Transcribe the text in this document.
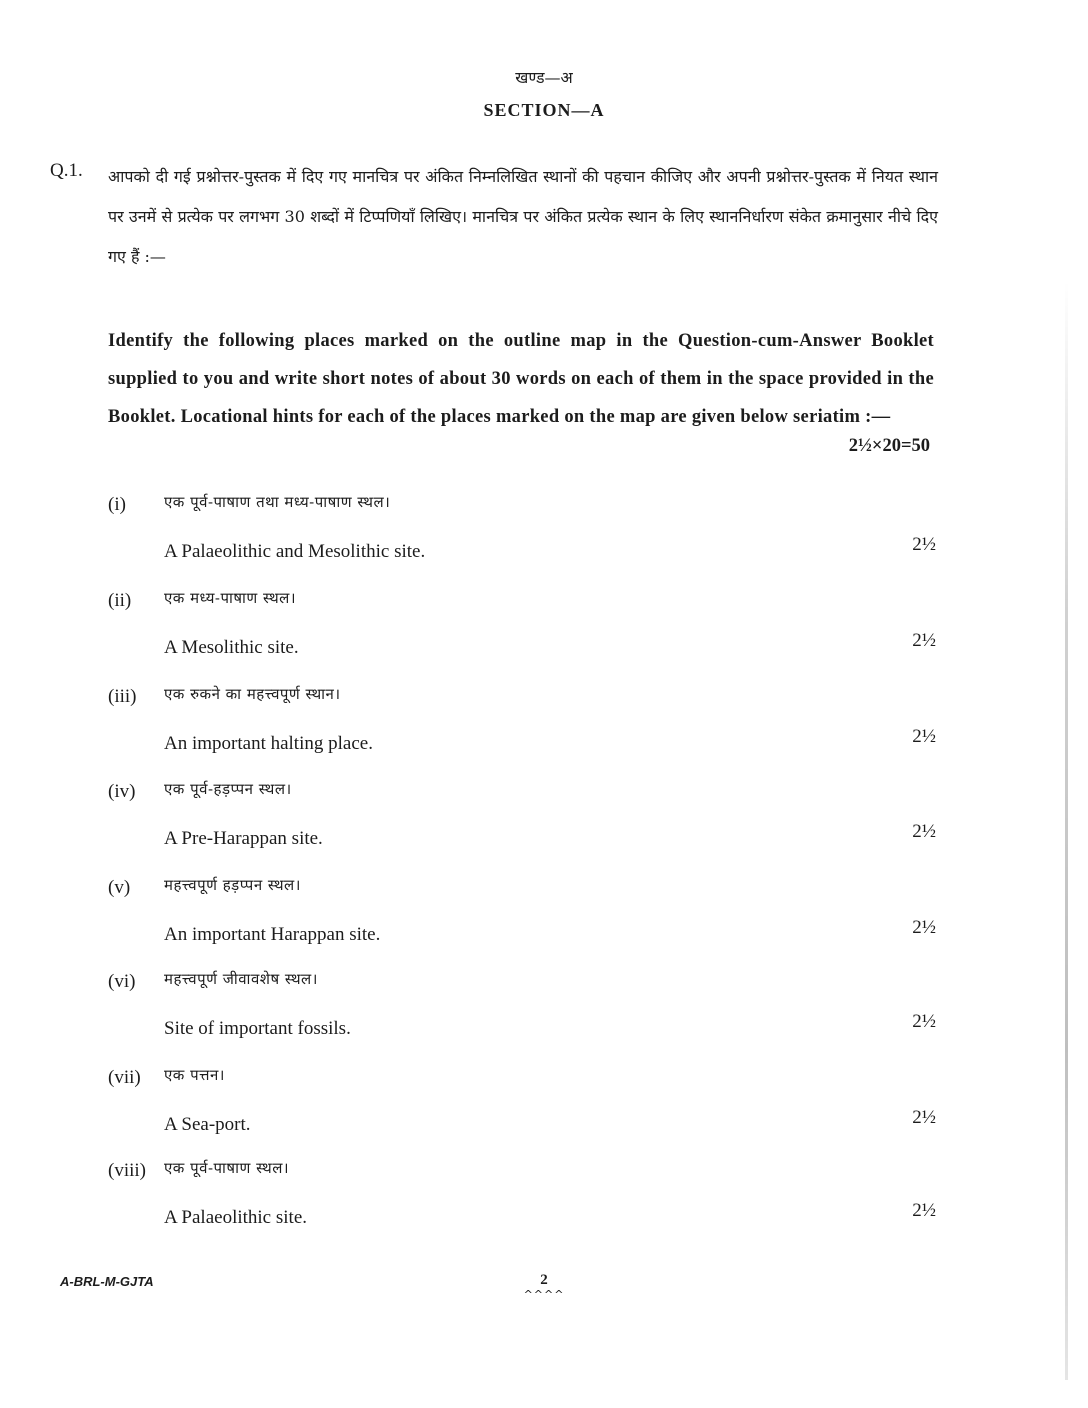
खण्ड—अ
SECTION—A
Q.1. आपको दी गई प्रश्नोत्तर-पुस्तक में दिए गए मानचित्र पर अंकित निम्नलिखित स्थानों की पहचान कीजिए और अपनी प्रश्नोत्तर-पुस्तक में नियत स्थान पर उनमें से प्रत्येक पर लगभग 30 शब्दों में टिप्पणियाँ लिखिए। मानचित्र पर अंकित प्रत्येक स्थान के लिए स्थाननिर्धारण संकेत क्रमानुसार नीचे दिए गए हैं :—
Identify the following places marked on the outline map in the Question-cum-Answer Booklet supplied to you and write short notes of about 30 words on each of them in the space provided in the Booklet. Locational hints for each of the places marked on the map are given below seriatim :—
2½×20=50
(i)	एक पूर्व-पाषाण तथा मध्य-पाषाण स्थल।
A Palaeolithic and Mesolithic site.	2½
(ii) एक मध्य-पाषाण स्थल।
A Mesolithic site.	2½
(iii) एक रुकने का महत्त्वपूर्ण स्थान।
An important halting place.	2½
(iv) एक पूर्व-हड़प्पन स्थल।
A Pre-Harappan site.	2½
(v) महत्त्वपूर्ण हड़प्पन स्थल।
An important Harappan site.	2½
(vi) महत्त्वपूर्ण जीवावशेष स्थल।
Site of important fossils.	2½
(vii) एक पत्तन।
A Sea-port.	2½
(viii) एक पूर्व-पाषाण स्थल।
A Palaeolithic site.	2½
A-BRL-M-GJTA	2
^^^^
